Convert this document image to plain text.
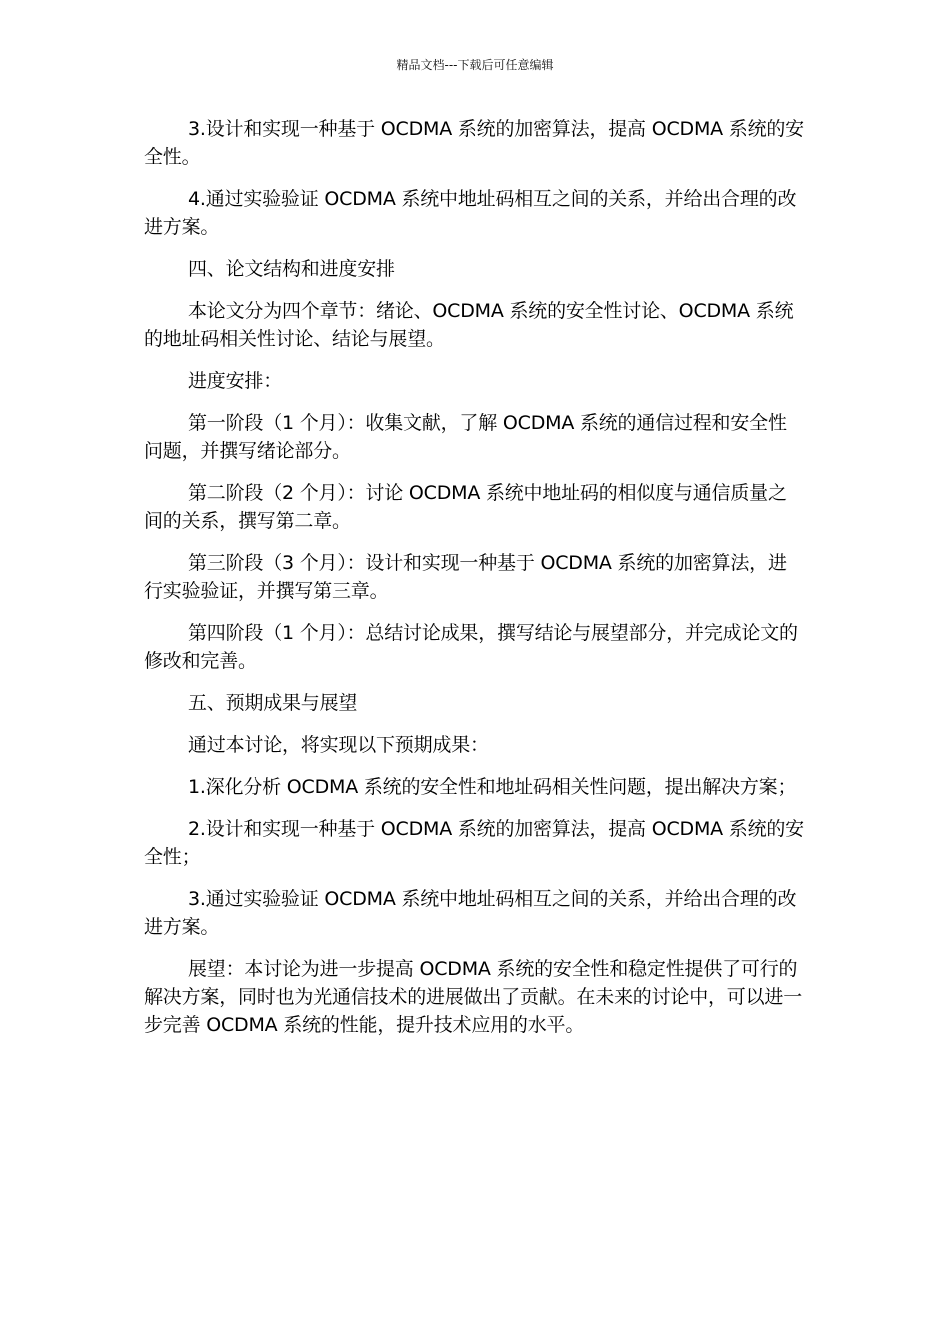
精品文档---下载后可任意编辑

3.设计和实现一种基于 OCDMA 系统的加密算法，提高 OCDMA 系统的安全性。

4.通过实验验证 OCDMA 系统中地址码相互之间的关系，并给出合理的改进方案。

四、论文结构和进度安排

本论文分为四个章节：绪论、OCDMA 系统的安全性讨论、OCDMA 系统的地址码相关性讨论、结论与展望。

进度安排：

第一阶段（1 个月）：收集文献，了解 OCDMA 系统的通信过程和安全性问题，并撰写绪论部分。

第二阶段（2 个月）：讨论 OCDMA 系统中地址码的相似度与通信质量之间的关系，撰写第二章。

第三阶段（3 个月）：设计和实现一种基于 OCDMA 系统的加密算法，进行实验验证，并撰写第三章。

第四阶段（1 个月）：总结讨论成果，撰写结论与展望部分，并完成论文的修改和完善。

五、预期成果与展望

通过本讨论，将实现以下预期成果：

1.深化分析 OCDMA 系统的安全性和地址码相关性问题，提出解决方案；

2.设计和实现一种基于 OCDMA 系统的加密算法，提高 OCDMA 系统的安全性；

3.通过实验验证 OCDMA 系统中地址码相互之间的关系，并给出合理的改进方案。

展望：本讨论为进一步提高 OCDMA 系统的安全性和稳定性提供了可行的解决方案，同时也为光通信技术的进展做出了贡献。在未来的讨论中，可以进一步完善 OCDMA 系统的性能，提升技术应用的水平。
